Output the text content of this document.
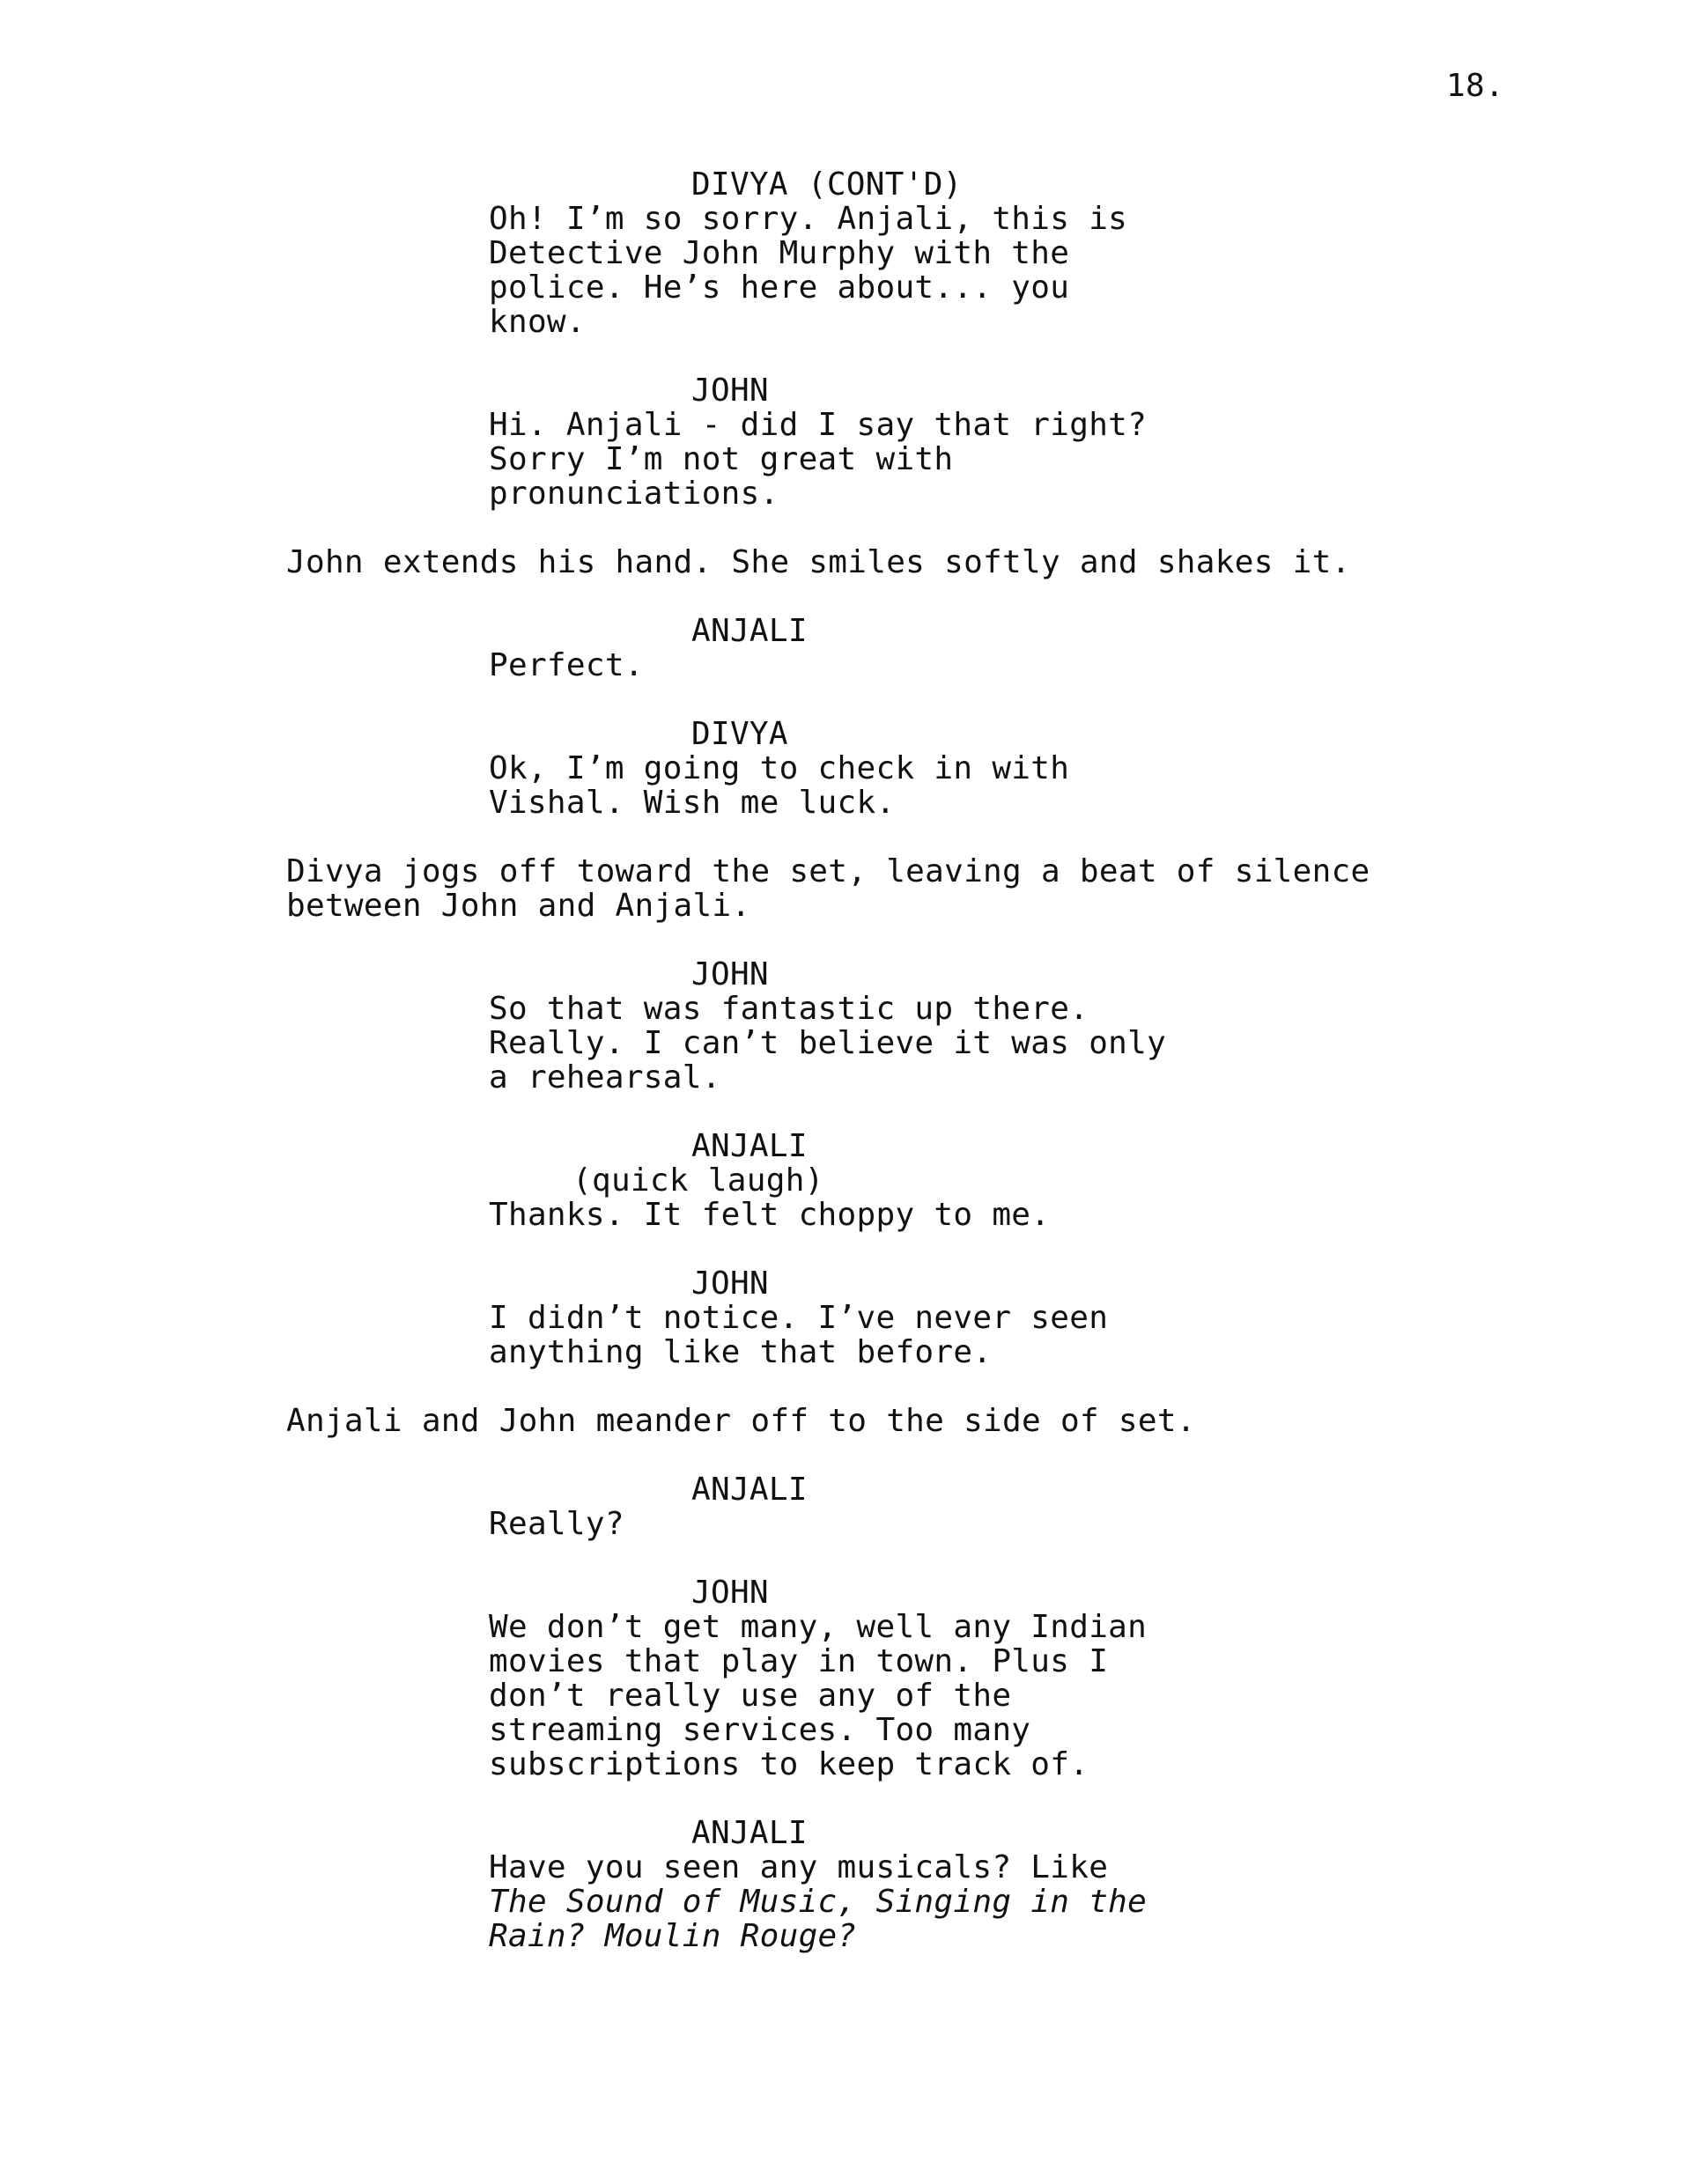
18.
DIVYA (CONT'D)
Oh! I’m so sorry. Anjali, this is
Detective John Murphy with the
police. He’s here about... you
know.
JOHN
Hi. Anjali - did I say that right?
Sorry I’m not great with
pronunciations.
John extends his hand. She smiles softly and shakes it.
ANJALI
Perfect.
DIVYA
Ok, I’m going to check in with
Vishal. Wish me luck.
Divya jogs off toward the set, leaving a beat of silence
between John and Anjali.
JOHN
So that was fantastic up there.
Really. I can’t believe it was only
a rehearsal.
ANJALI
(quick laugh)
Thanks. It felt choppy to me.
JOHN
I didn’t notice. I’ve never seen
anything like that before.
Anjali and John meander off to the side of set.
ANJALI
Really?
JOHN
We don’t get many, well any Indian
movies that play in town. Plus I
don’t really use any of the
streaming services. Too many
subscriptions to keep track of.
ANJALI
Have you seen any musicals? Like
The Sound of Music, Singing in the
Rain? Moulin Rouge?
